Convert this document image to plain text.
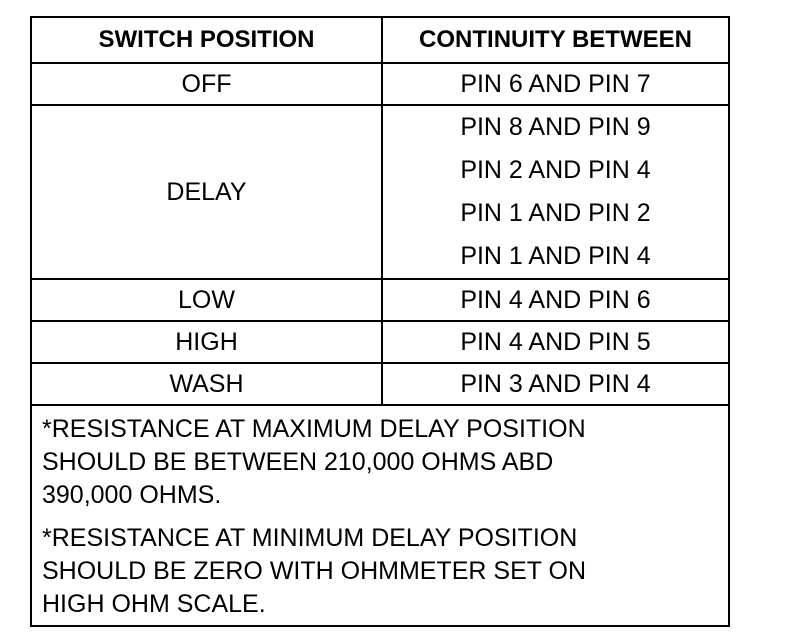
SWITCH POSITION	CONTINUITY BETWEEN
OFF	PIN 6 AND PIN 7
DELAY	PIN 8 AND PIN 9
PIN 2 AND PIN 4
PIN 1 AND PIN 2
PIN 1 AND PIN 4

LOW	PIN 4 AND PIN 6
HIGH	PIN 4 AND PIN 5
WASH	PIN 3 AND PIN 4

*RESISTANCE AT MAXIMUM DELAY POSITION
SHOULD BE BETWEEN 210,000 OHMS ABD
390,000 OHMS.

*RESISTANCE AT MINIMUM DELAY POSITION
SHOULD BE ZERO WITH OHMMETER SET ON
HIGH OHM SCALE.
